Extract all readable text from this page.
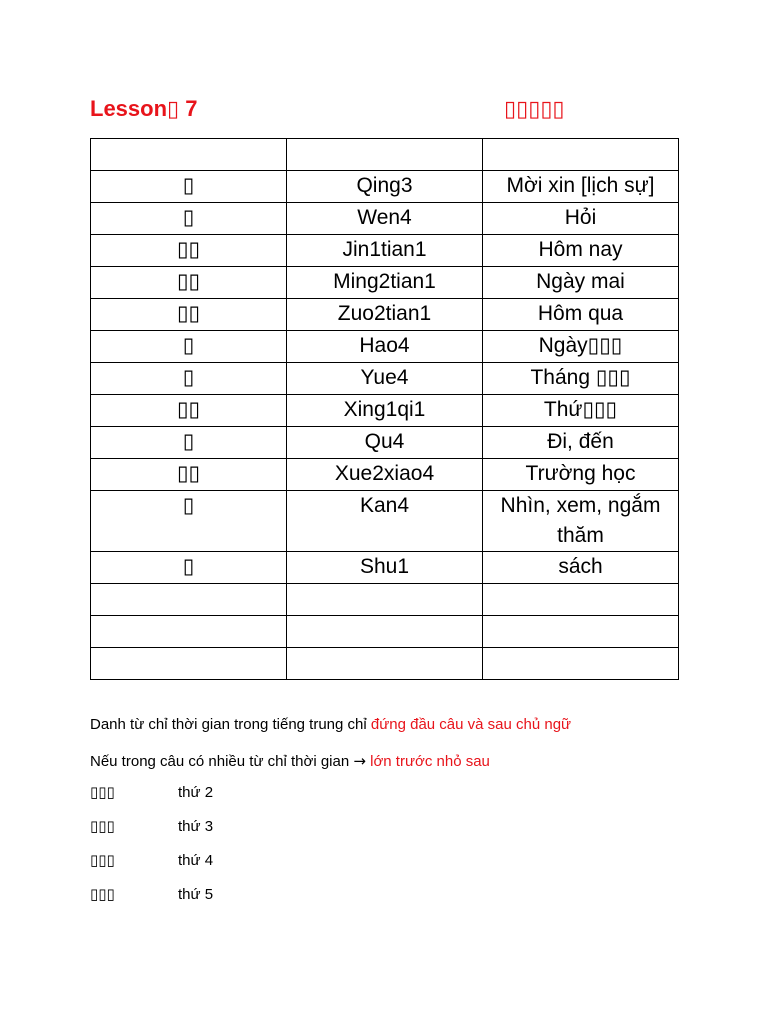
Lesson▯ 7	▯▯▯▯▯

▯	Qing3	Mời xin [lịch sự]
▯	Wen4	Hỏi
▯▯	Jin1tian1	Hôm nay
▯▯	Ming2tian1	Ngày mai
▯▯	Zuo2tian1	Hôm qua
▯	Hao4	Ngày▯▯▯
▯	Yue4	Tháng ▯▯▯
▯▯	Xing1qi1	Thứ▯▯▯
▯	Qu4	Đi, đến
▯▯	Xue2xiao4	Trường học
▯	Kan4	Nhìn, xem, ngắm thăm
▯	Shu1	sách

Danh từ chỉ thời gian trong tiếng trung chỉ đứng đầu câu và sau chủ ngữ
Nếu trong câu có nhiều từ chỉ thời gian → lớn trước nhỏ sau
▯▯▯	thứ 2
▯▯▯	thứ 3
▯▯▯	thứ 4
▯▯▯	thứ 5
